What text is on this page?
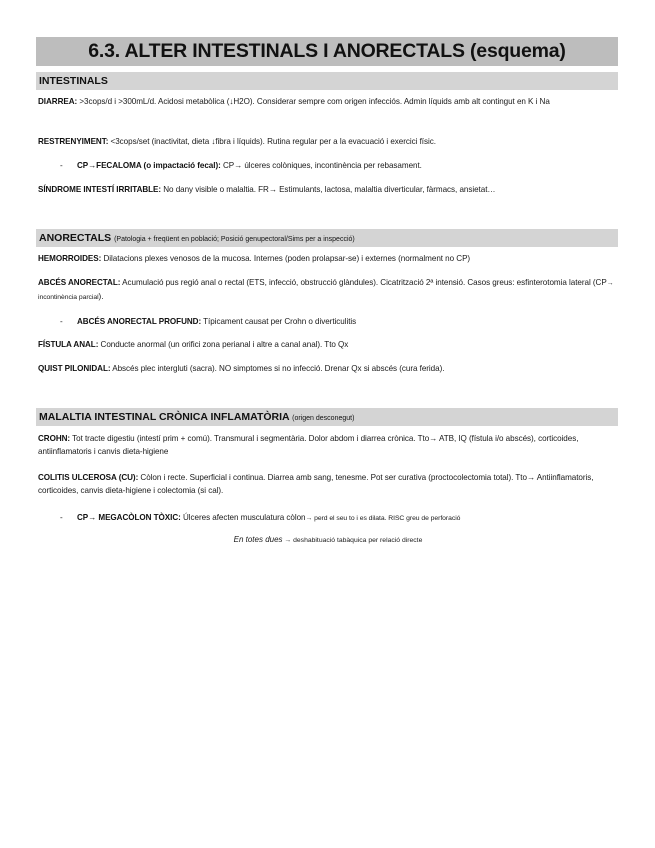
6.3. ALTER INTESTINALS I ANORECTALS (esquema)
INTESTINALS
DIARREA: >3cops/d i >300mL/d. Acidosi metabòlica (↓H2O). Considerar sempre com origen infecciós. Admin líquids amb alt contingut en K i Na
RESTRENYIMENT: <3cops/set (inactivitat, dieta ↓fibra i líquids). Rutina regular per a la evacuació i exercici físic.
- CP→FECALOMA (o impactació fecal): CP→ úlceres colòniques, incontinència per rebasament.
SÍNDROME INTESTÍ IRRITABLE: No dany visible o malaltia. FR→ Estimulants, lactosa, malaltia diverticular, fàrmacs, ansietat…
ANORECTALS (Patologia + freqüent en població; Posició genupectoral/Sims per a inspecció)
HEMORROIDES: Dilatacions plexes venosos de la mucosa. Internes (poden prolapsar-se) i externes (normalment no CP)
ABCÉS ANORECTAL: Acumulació pus regió anal o rectal (ETS, infecció, obstrucció glàndules). Cicatrització 2ª intensió. Casos greus: esfinterotomia lateral (CP→ incontinència parcial).
- ABCÉS ANORECTAL PROFUND: Típicament causat per Crohn o diverticulitis
FÍSTULA ANAL: Conducte anormal (un orifici zona perianal i altre a canal anal). Tto Qx
QUIST PILONIDAL: Abscés plec intergluti (sacra). NO simptomes si no infecció. Drenar Qx si abscés (cura ferida).
MALALTIA INTESTINAL CRÒNICA INFLAMATÒRIA (origen desconegut)
CROHN: Tot tracte digestiu (intestí prim + comú). Transmural i segmentària. Dolor abdom i diarrea crònica. Tto→ ATB, IQ (fístula i/o abscés), corticoides, antiinflamatoris i canvis dieta-higiene
COLITIS ULCEROSA (CU): Còlon i recte. Superficial i continua. Diarrea amb sang, tenesme. Pot ser curativa (proctocolectomia total). Tto→ Antiinflamatoris, corticoides, canvis dieta-higiene i colectomia (si cal).
- CP→ MEGACÒLON TÒXIC: Úlceres afecten musculatura còlon→ perd el seu to i es dilata. RISC greu de perforació
En totes dues → deshabituació tabàquica per relació directe
